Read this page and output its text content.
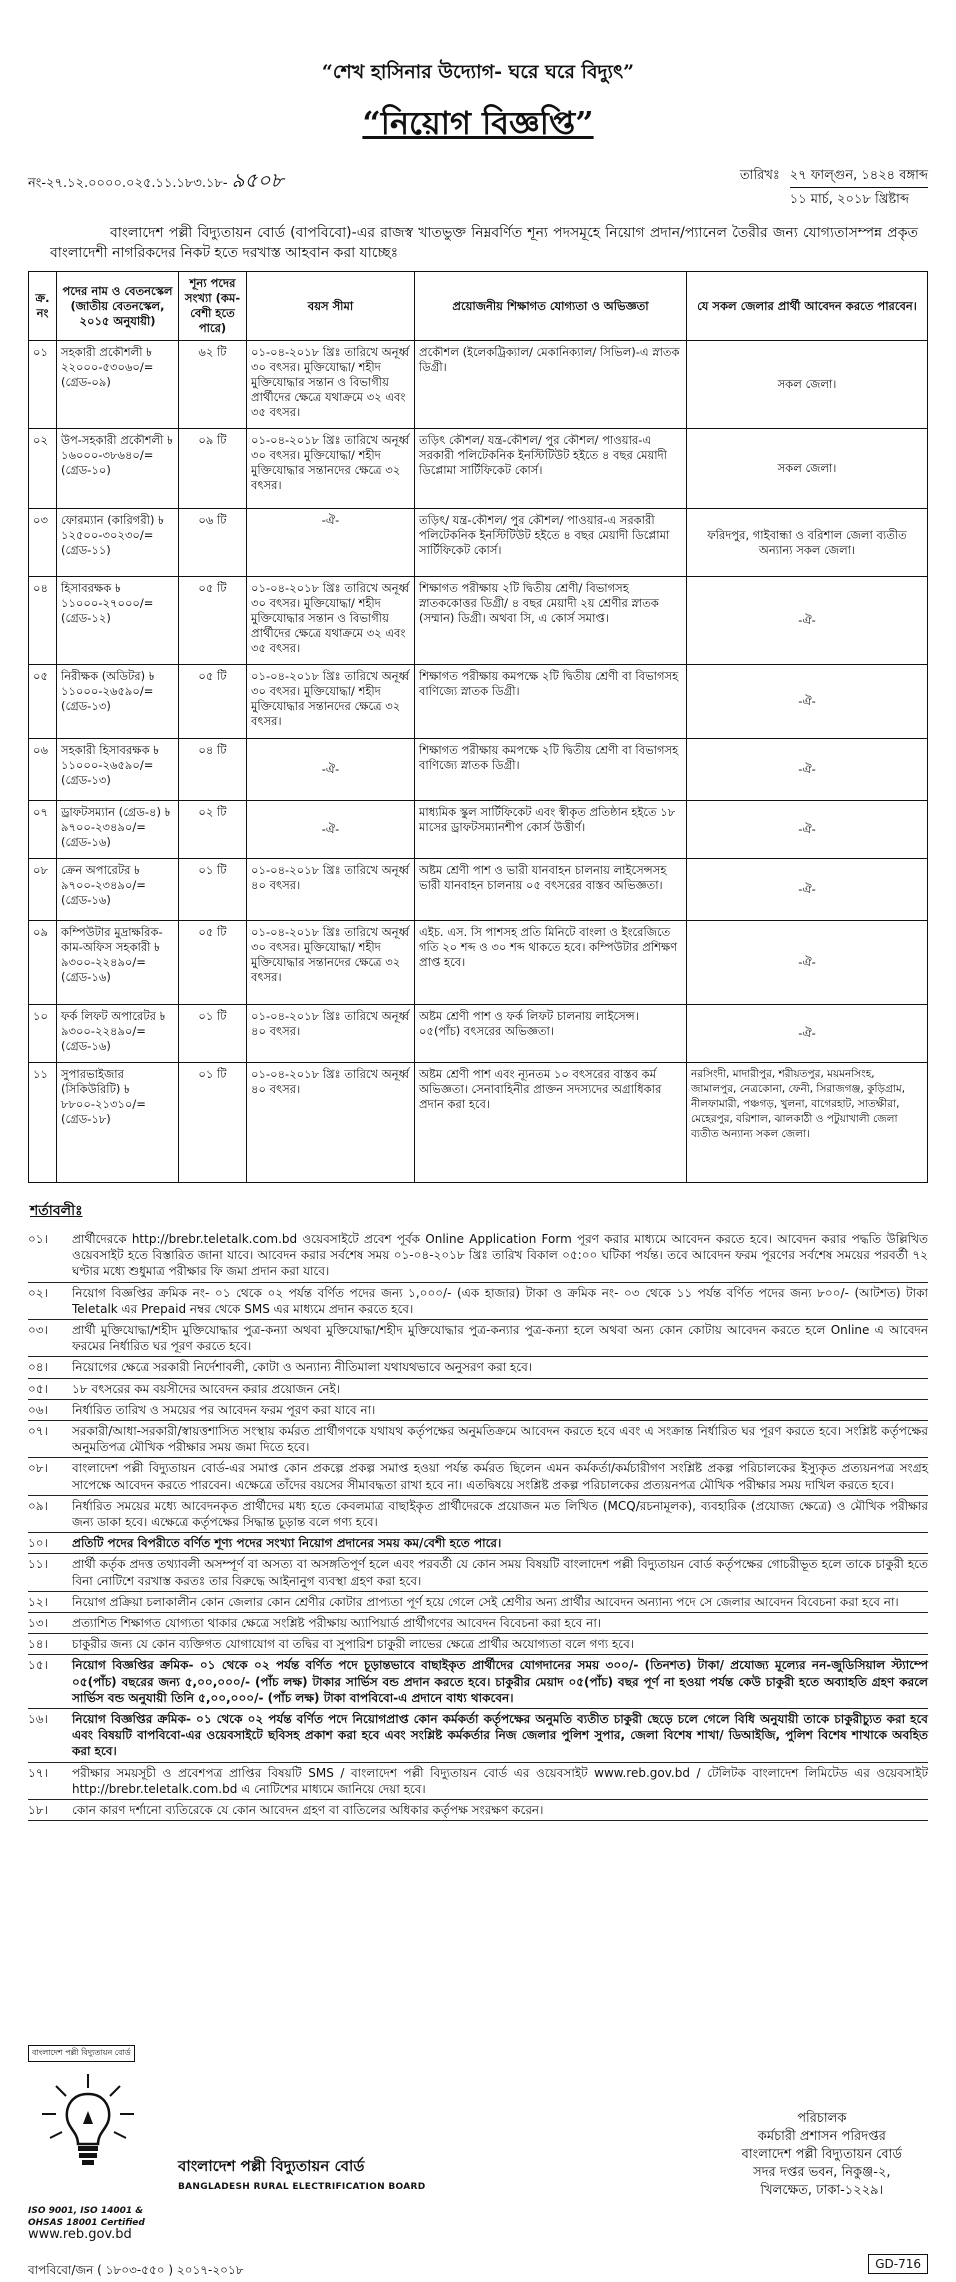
“শেখ হাসিনার উদ্যোগ- ঘরে ঘরে বিদ্যুৎ”
“নিয়োগ বিজ্ঞপ্তি”
নং-২৭.১২.০০০০.০২৫.১১.১৮৩.১৮- ৯৫০৮	তারিখঃ ২৭ ফাল্গুন, ১৪২৪ বঙ্গাব্দ
১১ মার্চ, ২০১৮ খ্রিষ্টাব্দ
বাংলাদেশ পল্লী বিদ্যুতায়ন বোর্ড (বাপবিবো)-এর রাজস্ব খাতভুক্ত নিম্নবর্ণিত শূন্য পদসমূহে নিয়োগ প্রদান/প্যানেল তৈরীর জন্য যোগ্যতাসম্পন্ন প্রকৃত বাংলাদেশী নাগরিকদের নিকট হতে দরখাস্ত আহবান করা যাচ্ছেঃ
ক্র. নং	পদের নাম ও বেতনস্কেল (জাতীয় বেতনস্কেল, ২০১৫ অনুযায়ী)	শূন্য পদের সংখ্যা (কম-বেশী হতে পারে)	বয়স সীমা	প্রয়োজনীয় শিক্ষাগত যোগ্যতা ও অভিজ্ঞতা	যে সকল জেলার প্রার্থী আবেদন করতে পারবেন।
০১	সহকারী প্রকৌশলী ৳ ২২০০০-৫৩০৬০/= (গ্রেড-০৯)	৬২ টি	০১-০৪-২০১৮ খ্রিঃ তারিখে অনূর্ধ্ব ৩০ বৎসর। মুক্তিযোদ্ধা/ শহীদ মুক্তিযোদ্ধার সন্তান ও বিভাগীয় প্রার্থীদের ক্ষেত্রে যথাক্রমে ৩২ এবং ৩৫ বৎসর।	প্রকৌশল (ইলেকট্রিক্যাল/ মেকানিক্যাল/ সিভিল)-এ স্নাতক ডিগ্রী।	সকল জেলা।
০২	উপ-সহকারী প্রকৌশলী ৳ ১৬০০০-৩৮৬৪০/= (গ্রেড-১০)	০৯ টি	০১-০৪-২০১৮ খ্রিঃ তারিখে অনূর্ধ্ব ৩০ বৎসর। মুক্তিযোদ্ধা/ শহীদ মুক্তিযোদ্ধার সন্তানদের ক্ষেত্রে ৩২ বৎসর।	তড়িৎ কৌশল/ যন্ত্র-কৌশল/ পুর কৌশল/ পাওয়ার-এ সরকারী পলিটেকনিক ইনস্টিটিউট হইতে ৪ বছর মেয়াদী ডিপ্লোমা সার্টিফিকেট কোর্স।	সকল জেলা।
০৩	ফোরম্যান (কারিগরী) ৳ ১২৫০০-৩০২৩০/= (গ্রেড-১১)	০৬ টি	-ঐ-	তড়িৎ/ যন্ত্র-কৌশল/ পুর কৌশল/ পাওয়ার-এ সরকারী পলিটেকনিক ইনস্টিটিউট হইতে ৪ বছর মেয়াদী ডিপ্লোমা সার্টিফিকেট কোর্স।	ফরিদপুর, গাইবান্ধা ও বরিশাল জেলা ব্যতীত অন্যান্য সকল জেলা।
০৪	হিসাবরক্ষক ৳ ১১০০০-২৭০০০/= (গ্রেড-১২)	০৫ টি	০১-০৪-২০১৮ খ্রিঃ তারিখে অনূর্ধ্ব ৩০ বৎসর। মুক্তিযোদ্ধা/ শহীদ মুক্তিযোদ্ধার সন্তান ও বিভাগীয় প্রার্থীদের ক্ষেত্রে যথাক্রমে ৩২ এবং ৩৫ বৎসর।	শিক্ষাগত পরীক্ষায় ২টি দ্বিতীয় শ্রেণী/ বিভাগসহ স্নাতককোত্তর ডিগ্রী/ ৪ বছর মেয়াদী ২য় শ্রেণীর স্নাতক (সম্মান) ডিগ্রী। অথবা সি, এ কোর্স সমাপ্ত।	-ঐ-
০৫	নিরীক্ষক (অডিটর) ৳ ১১০০০-২৬৫৯০/= (গ্রেড-১৩)	০৫ টি	০১-০৪-২০১৮ খ্রিঃ তারিখে অনূর্ধ্ব ৩০ বৎসর। মুক্তিযোদ্ধা/ শহীদ মুক্তিযোদ্ধার সন্তানদের ক্ষেত্রে ৩২ বৎসর।	শিক্ষাগত পরীক্ষায় কমপক্ষে ২টি দ্বিতীয় শ্রেণী বা বিভাগসহ বাণিজ্যে স্নাতক ডিগ্রী।	-ঐ-
০৬	সহকারী হিসাবরক্ষক ৳ ১১০০০-২৬৫৯০/= (গ্রেড-১৩)	০৪ টি	-ঐ-	শিক্ষাগত পরীক্ষায় কমপক্ষে ২টি দ্বিতীয় শ্রেণী বা বিভাগসহ বাণিজ্যে স্নাতক ডিগ্রী।	-ঐ-
০৭	ড্রাফটসম্যান (গ্রেড-৪) ৳ ৯৭০০-২৩৪৯০/= (গ্রেড-১৬)	০২ টি	-ঐ-	মাধ্যমিক স্কুল সার্টিফিকেট এবং স্বীকৃত প্রতিষ্ঠান হইতে ১৮ মাসের ড্রাফটসম্যানশীপ কোর্স উত্তীর্ণ।	-ঐ-
০৮	ক্রেন অপারেটর ৳ ৯৭০০-২৩৪৯০/= (গ্রেড-১৬)	০১ টি	০১-০৪-২০১৮ খ্রিঃ তারিখে অনূর্ধ্ব ৪০ বৎসর।	অষ্টম শ্রেণী পাশ ও ভারী যানবাহন চালনায় লাইসেন্সসহ ভারী যানবাহন চালনায় ০৫ বৎসরের বাস্তব অভিজ্ঞতা।	-ঐ-
০৯	কম্পিউটার মুদ্রাক্ষরিক-কাম-অফিস সহকারী ৳ ৯৩০০-২২৪৯০/= (গ্রেড-১৬)	০৫ টি	০১-০৪-২০১৮ খ্রিঃ তারিখে অনূর্ধ্ব ৩০ বৎসর। মুক্তিযোদ্ধা/ শহীদ মুক্তিযোদ্ধার সন্তানদের ক্ষেত্রে ৩২ বৎসর।	এইচ. এস. সি পাশসহ প্রতি মিনিটে বাংলা ও ইংরেজিতে গতি ২০ শব্দ ও ৩০ শব্দ থাকতে হবে। কম্পিউটার প্রশিক্ষণ প্রাপ্ত হবে।	-ঐ-
১০	ফর্ক লিফট অপারেটর ৳ ৯৩০০-২২৪৯০/= (গ্রেড-১৬)	০১ টি	০১-০৪-২০১৮ খ্রিঃ তারিখে অনূর্ধ্ব ৪০ বৎসর।	অষ্টম শ্রেণী পাশ ও ফর্ক লিফট চালনায় লাইসেন্স। ০৫(পাঁচ) বৎসরের অভিজ্ঞতা।	-ঐ-
১১	সুপারভাইজার (সিকিউরিটি) ৳ ৮৮০০-২১৩১০/= (গ্রেড-১৮)	০১ টি	০১-০৪-২০১৮ খ্রিঃ তারিখে অনূর্ধ্ব ৪০ বৎসর।	অষ্টম শ্রেণী পাশ এবং ন্যূনতম ১০ বৎসরের বাস্তব কর্ম অভিজ্ঞতা। সেনাবাহিনীর প্রাক্তন সদস্যদের অগ্রাধিকার প্রদান করা হবে।	নরসিংদী, মাদারীপুর, শরীয়তপুর, ময়মনসিংহ, জামালপুর, নেত্রকোনা, ফেনী, সিরাজগঞ্জ, কুড়িগ্রাম, নীলফামারী, পঞ্চগড়, খুলনা, বাগেরহাট, সাতক্ষীরা, মেহেরপুর, বরিশাল, ঝালকাঠী ও পটুয়াখালী জেলা ব্যতীত অন্যান্য সকল জেলা।
শর্তাবলীঃ
০১।	প্রার্থীদেরকে http://brebr.teletalk.com.bd ওয়েবসাইটে প্রবেশ পূর্বক Online Application Form পূরণ করার মাধ্যমে আবেদন করতে হবে। আবেদন করার পদ্ধতি উল্লিখিত ওয়েবসাইট হতে বিস্তারিত জানা যাবে। আবেদন করার সর্বশেষ সময় ০১-০৪-২০১৮ খ্রিঃ তারিখ বিকাল ০৫:০০ ঘটিকা পর্যন্ত। তবে আবেদন ফরম পূরণের সর্বশেষ সময়ের পরবর্তী ৭২ ঘণ্টার মধ্যে শুধুমাত্র পরীক্ষার ফি জমা প্রদান করা যাবে।
০২।	নিয়োগ বিজ্ঞপ্তির ক্রমিক নং- ০১ থেকে ০২ পর্যন্ত বর্ণিত পদের জন্য ১,০০০/- (এক হাজার) টাকা ও ক্রমিক নং- ০৩ থেকে ১১ পর্যন্ত বর্ণিত পদের জন্য ৮০০/- (আটশত) টাকা Teletalk এর Prepaid নম্বর থেকে SMS এর মাধ্যমে প্রদান করতে হবে।
০৩।	প্রার্থী মুক্তিযোদ্ধা/শহীদ মুক্তিযোদ্ধার পুত্র-কন্যা অথবা মুক্তিযোদ্ধা/শহীদ মুক্তিযোদ্ধার পুত্র-কন্যার পুত্র-কন্যা হলে অথবা অন্য কোন কোটায় আবেদন করতে হলে Online এ আবেদন ফরমের নির্ধারিত ঘর পূরণ করতে হবে।
০৪।	নিয়োগের ক্ষেত্রে সরকারী নির্দেশাবলী, কোটা ও অন্যান্য নীতিমালা যথাযথভাবে অনুসরণ করা হবে।
০৫।	১৮ বৎসরের কম বয়সীদের আবেদন করার প্রয়োজন নেই।
০৬।	নির্ধারিত তারিখ ও সময়ের পর আবেদন ফরম পূরণ করা যাবে না।
০৭।	সরকারী/আধা-সরকারী/স্বায়ত্তশাসিত সংস্থায় কর্মরত প্রার্থীগণকে যথাযথ কর্তৃপক্ষের অনুমতিক্রমে আবেদন করতে হবে এবং এ সংক্রান্ত নির্ধারিত ঘর পূরণ করতে হবে। সংশ্লিষ্ট কর্তৃপক্ষের অনুমতিপত্র মৌখিক পরীক্ষার সময় জমা দিতে হবে।
০৮।	বাংলাদেশ পল্লী বিদ্যুতায়ন বোর্ড-এর সমাপ্ত কোন প্রকল্পে প্রকল্প সমাপ্ত হওয়া পর্যন্ত কর্মরত ছিলেন এমন কর্মকর্তা/কর্মচারীগণ সংশ্লিষ্ট প্রকল্প পরিচালকের ইস্যুকৃত প্রত্যয়নপত্র সংগ্রহ সাপেক্ষে আবেদন করতে পারবেন। এক্ষেত্রে তাঁদের বয়সের সীমাবদ্ধতা রাখা হবে না। এতদ্বিষয়ে সংশ্লিষ্ট প্রকল্প পরিচালকের প্রত্যয়নপত্র মৌখিক পরীক্ষার সময় দাখিল করতে হবে।
০৯।	নির্ধারিত সময়ের মধ্যে আবেদনকৃত প্রার্থীদের মধ্য হতে কেবলমাত্র বাছাইকৃত প্রার্থীদেরকে প্রয়োজন মত লিখিত (MCQ/রচনামূলক), ব্যবহারিক (প্রযোজ্য ক্ষেত্রে) ও মৌখিক পরীক্ষার জন্য ডাকা হবে। এক্ষেত্রে কর্তৃপক্ষের সিদ্ধান্ত চূড়ান্ত বলে গণ্য হবে।
১০।	প্রতিটি পদের বিপরীতে বর্ণিত শূণ্য পদের সংখ্যা নিয়োগ প্রদানের সময় কম/বেশী হতে পারে।
১১।	প্রার্থী কর্তৃক প্রদত্ত তথ্যাবলী অসম্পূর্ণ বা অসত্য বা অসঙ্গতিপূর্ণ হলে এবং পরবর্তী যে কোন সময় বিষয়টি বাংলাদেশ পল্লী বিদ্যুতায়ন বোর্ড কর্তৃপক্ষের গোচরীভূত হলে তাকে চাকুরী হতে বিনা নোটিশে বরখাস্ত করতঃ তার বিরুদ্ধে আইনানুগ ব্যবস্থা গ্রহণ করা হবে।
১২।	নিয়োগ প্রক্রিয়া চলাকালীন কোন জেলার কোন শ্রেণীর কোটার প্রাপ্যতা পূর্ণ হয়ে গেলে সেই শ্রেণীর অন্য প্রার্থীর আবেদন অন্যান্য পদে সে জেলার আবেদন বিবেচনা করা হবে না।
১৩।	প্রত্যাশিত শিক্ষাগত যোগ্যতা থাকার ক্ষেত্রে সংশ্লিষ্ট পরীক্ষায় অ্যাপিয়ার্ড প্রার্থীগণের আবেদন বিবেচনা করা হবে না।
১৪।	চাকুরীর জন্য যে কোন ব্যক্তিগত যোগাযোগ বা তদ্বির বা সুপারিশ চাকুরী লাভের ক্ষেত্রে প্রার্থীর অযোগ্যতা বলে গণ্য হবে।
১৫।	নিয়োগ বিজ্ঞপ্তির ক্রমিক- ০১ থেকে ০২ পর্যন্ত বর্ণিত পদে চূড়ান্তভাবে বাছাইকৃত প্রার্থীদের যোগদানের সময় ৩০০/- (তিনশত) টাকা/ প্রযোজ্য মূল্যের নন-জুডিসিয়াল স্ট্যাম্পে ০৫(পাঁচ) বছরের জন্য ৫,০০,০০০/- (পাঁচ লক্ষ) টাকার সার্ভিস বন্ড প্রদান করতে হবে। চাকুরীর মেয়াদ ০৫(পাঁচ) বছর পূর্ণ না হওয়া পর্যন্ত কেউ চাকুরী হতে অব্যাহতি গ্রহণ করলে সার্ভিস বন্ড অনুযায়ী তিনি ৫,০০,০০০/- (পাঁচ লক্ষ) টাকা বাপবিবো-এ প্রদানে বাধ্য থাকবেন।
১৬।	নিয়োগ বিজ্ঞপ্তির ক্রমিক- ০১ থেকে ০২ পর্যন্ত বর্ণিত পদে নিয়োগপ্রাপ্ত কোন কর্মকর্তা কর্তৃপক্ষের অনুমতি ব্যতীত চাকুরী ছেড়ে চলে গেলে বিধি অনুযায়ী তাকে চাকুরীচ্যুত করা হবে এবং বিষয়টি বাপবিবো-এর ওয়েবসাইটে ছবিসহ প্রকাশ করা হবে এবং সংশ্লিষ্ট কর্মকর্তার নিজ জেলার পুলিশ সুপার, জেলা বিশেষ শাখা/ ডিআইজি, পুলিশ বিশেষ শাখাকে অবহিত করা হবে।
১৭।	পরীক্ষার সময়সূচী ও প্রবেশপত্র প্রাপ্তির বিষয়টি SMS / বাংলাদেশ পল্লী বিদ্যুতায়ন বোর্ড এর ওয়েবসাইট www.reb.gov.bd / টেলিটক বাংলাদেশ লিমিটেড এর ওয়েবসাইট http://brebr.teletalk.com.bd এ নোটিশের মাধ্যমে জানিয়ে দেয়া হবে।
১৮।	কোন কারণ দর্শানো ব্যতিরেকে যে কোন আবেদন গ্রহণ বা বাতিলের অধিকার কর্তৃপক্ষ সংরক্ষণ করেন।
বাংলাদেশ পল্লী বিদ্যুতায়ন বোর্ড
বাংলাদেশ পল্লী বিদ্যুতায়ন বোর্ড
BANGLADESH RURAL ELECTRIFICATION BOARD
ISO 9001, ISO 14001 &
OHSAS 18001 Certified
www.reb.gov.bd
পরিচালক
কর্মচারী প্রশাসন পরিদপ্তর
বাংলাদেশ পল্লী বিদ্যুতায়ন বোর্ড
সদর দপ্তর ভবন, নিকুঞ্জ-২,
খিলক্ষেত, ঢাকা-১২২৯।
বাপবিবো/জন ( ১৮০৩-৫৫০ ) ২০১৭-২০১৮	GD-716
